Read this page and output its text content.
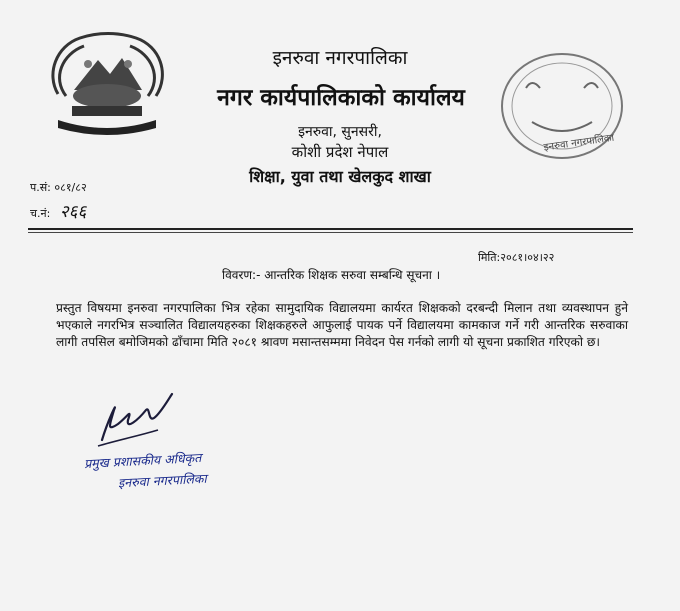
इनरुवा नगरपालिका
नगर कार्यपालिकाको कार्यालय
इनरुवा, सुनसरी,
कोशी प्रदेश नेपाल
शिक्षा, युवा तथा खेलकुद शाखा
इनरुवा नगरपालिका
प.सं: ०८१/८२
च.नं: २६६
मिति:२०८१।०४।२२
विवरण:- आन्तरिक शिक्षक सरुवा सम्बन्धि सूचना ।
प्रस्तुत विषयमा इनरुवा नगरपालिका भित्र रहेका सामुदायिक विद्यालयमा कार्यरत शिक्षकको दरबन्दी मिलान तथा व्यवस्थापन हुने भएकाले नगरभित्र सञ्चालित विद्यालयहरुका शिक्षकहरुले आफुलाई पायक पर्ने विद्यालयमा कामकाज गर्ने गरी आन्तरिक सरुवाका लागी तपसिल बमोजिमको ढाँचामा मिति २०८१ श्रावण मसान्तसम्ममा निवेदन पेस गर्नको लागी यो सूचना प्रकाशित गरिएको छ।
प्रमुख प्रशासकीय अधिकृत
इनरुवा नगरपालिका
